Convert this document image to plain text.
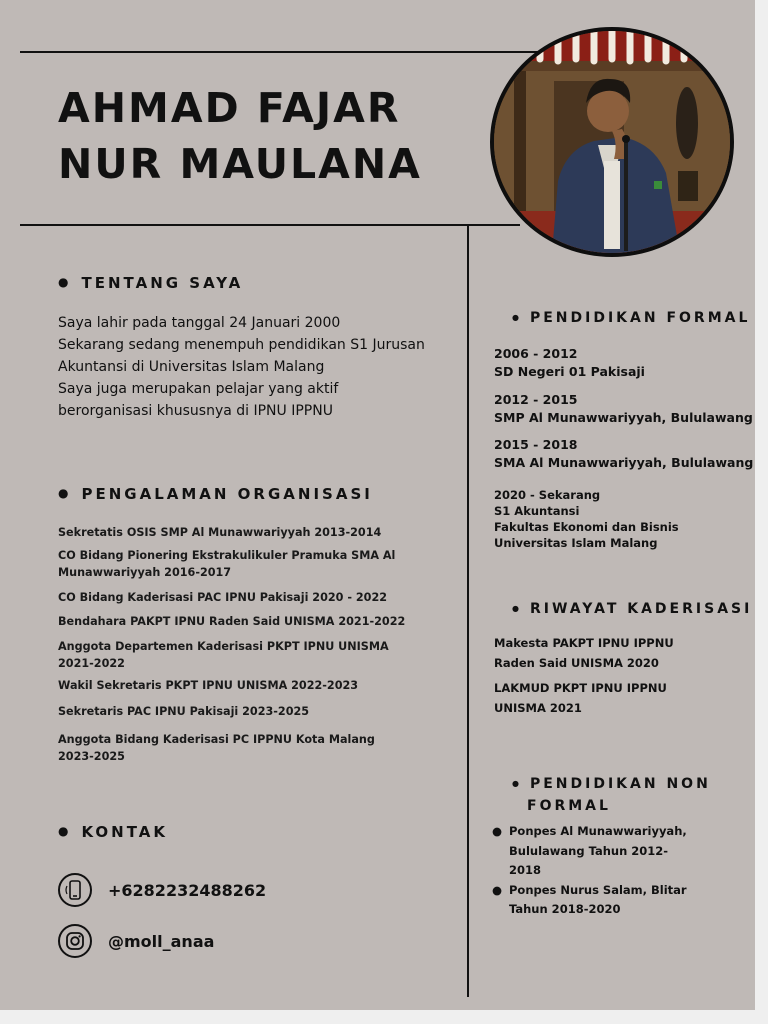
AHMAD FAJAR
NUR MAULANA
● TENTANG SAYA
Saya lahir pada tanggal 24 Januari 2000
Sekarang sedang menempuh pendidikan S1 Jurusan
Akuntansi di Universitas Islam Malang
Saya juga merupakan pelajar yang aktif
berorganisasi khususnya di IPNU IPPNU
● PENGALAMAN ORGANISASI
Sekretatis OSIS SMP Al Munawwariyyah 2013-2014
CO Bidang Pionering Ekstrakulikuler Pramuka SMA Al
Munawwariyyah 2016-2017
CO Bidang Kaderisasi PAC IPNU Pakisaji 2020 - 2022
Bendahara PAKPT IPNU Raden Said UNISMA 2021-2022
Anggota Departemen Kaderisasi PKPT IPNU UNISMA
2021-2022
Wakil Sekretaris PKPT IPNU UNISMA 2022-2023
Sekretaris PAC IPNU Pakisaji 2023-2025
Anggota Bidang Kaderisasi PC IPPNU Kota Malang
2023-2025
● KONTAK
+6282232488262
@moll_anaa
● PENDIDIKAN FORMAL
2006 - 2012
SD Negeri 01 Pakisaji
2012 - 2015
SMP Al Munawwariyyah, Bululawang
2015 - 2018
SMA Al Munawwariyyah, Bululawang
2020 - Sekarang
S1 Akuntansi
Fakultas Ekonomi dan Bisnis
Universitas Islam Malang
● RIWAYAT KADERISASI
Makesta PAKPT IPNU IPPNU
Raden Said UNISMA 2020
LAKMUD PKPT IPNU IPPNU
UNISMA 2021
● PENDIDIKAN NON
FORMAL
● Ponpes Al Munawwariyyah,
Bululawang Tahun 2012-
2018
● Ponpes Nurus Salam, Blitar
Tahun 2018-2020
